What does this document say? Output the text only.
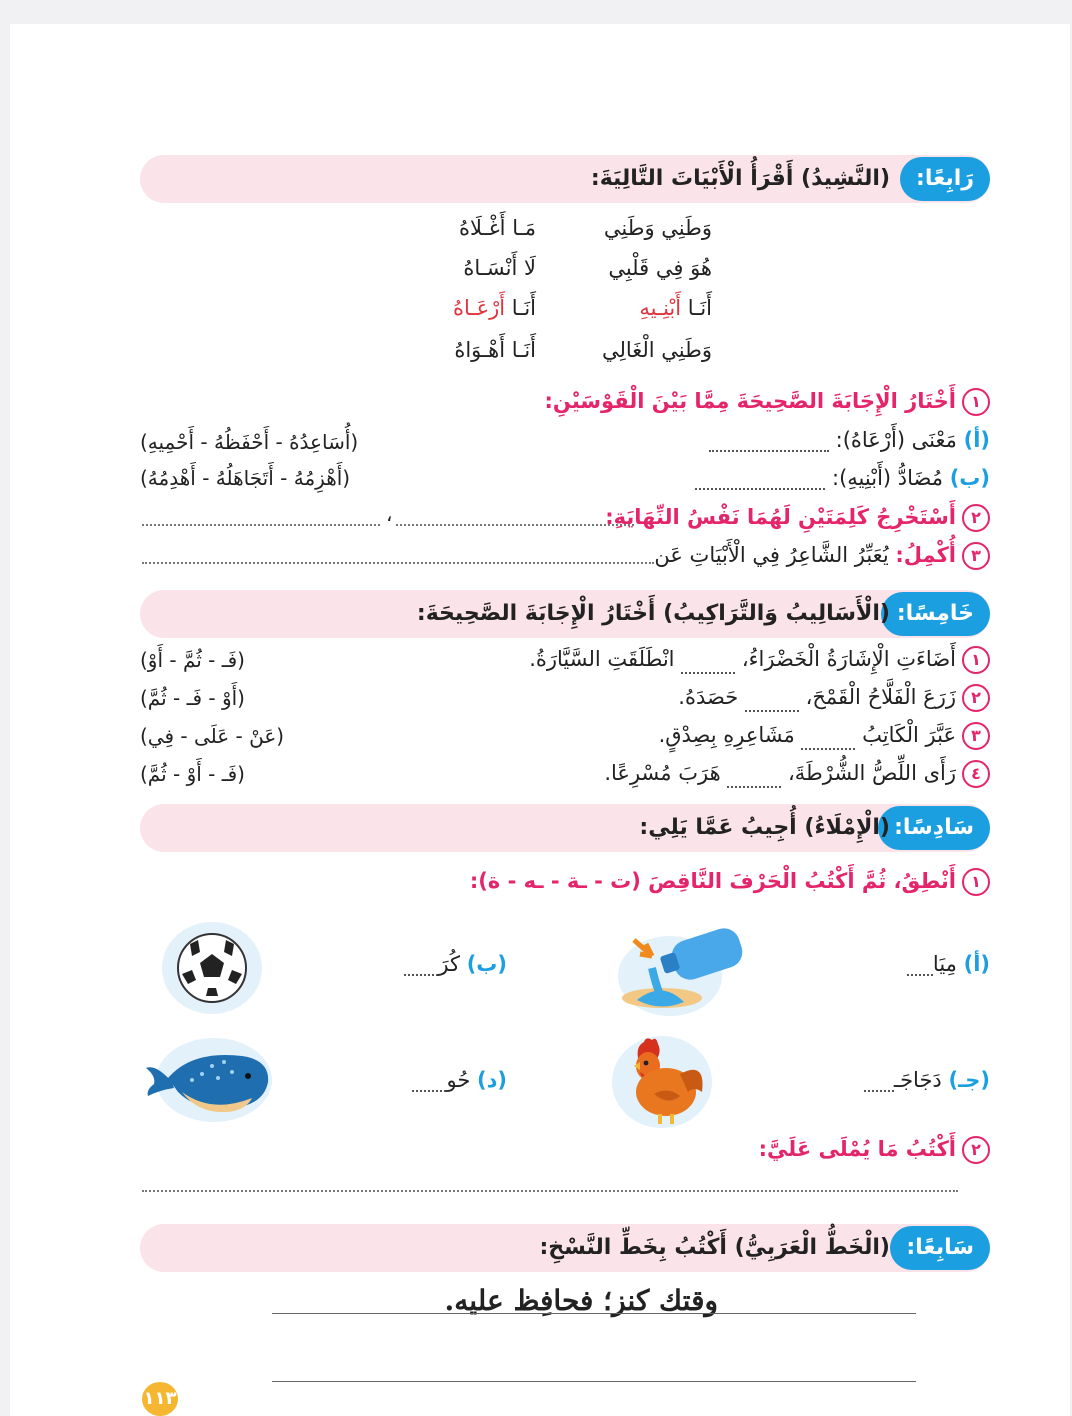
رَابِعًا:
(النَّشِيدُ) أَقْرَأُ الْأَبْيَاتَ التَّالِيَةَ:
وَطَنِي وَطَنِي
مَـا أَغْـلَاهُ
هُوَ فِي قَلْبِي
لَا أَنْسَـاهُ
أَنَـا أَبْنِـيهِ
أَنَـا أَرْعَـاهُ
وَطَنِي الْغَالِي
أَنَـا أَهْـوَاهُ
١أَخْتَارُ الْإِجَابَةَ الصَّحِيحَةَ مِمَّا بَيْنَ الْقَوْسَيْنِ:
(أ) مَعْنَى (أَرْعَاهُ):
(أُسَاعِدُهُ - أَحْفَظُهُ - أَحْمِيهِ)
(ب) مُضَادُّ (أَبْنِيهِ):
(أَهْزِمُهُ - أَتَجَاهَلُهُ - أَهْدِمُهُ)
٢أَسْتَخْرِجُ كَلِمَتَيْنِ لَهُمَا نَفْسُ النِّهَايَةِ:
،
٣أُكْمِلُ: يُعَبِّرُ الشَّاعِرُ فِي الْأَبْيَاتِ عَن
خَامِسًا:
(الْأَسَالِيبُ وَالتَّرَاكِيبُ) أَخْتَارُ الْإِجَابَةَ الصَّحِيحَةَ:
١أَضَاءَتِ الْإِشَارَةُ الْخَضْرَاءُ،  انْطَلَقَتِ السَّيَّارَةُ.
(فَـ - ثُمَّ - أَوْ)
٢زَرَعَ الْفَلَّاحُ الْقَمْحَ،  حَصَدَهُ.
(أَوْ - فَـ - ثُمَّ)
٣عَبَّرَ الْكَاتِبُ  مَشَاعِرِهِ بِصِدْقٍ.
(عَنْ - عَلَى - فِي)
٤رَأَى اللِّصُّ الشُّرْطَةَ،  هَرَبَ مُسْرِعًا.
(فَـ - أَوْ - ثُمَّ)
سَادِسًا:
(الْإِمْلَاءُ) أُجِيبُ عَمَّا يَلِي:
١أَنْطِقُ، ثُمَّ أَكْتُبُ الْحَرْفَ النَّاقِصَ (ت - ـة - ـه - ة):
(أ) مِيَا
(ب) كُرَ
(جـ) دَجَاجَـ
(د) حُو
٢أَكْتُبُ مَا يُمْلَى عَلَيَّ:
سَابِعًا:
(الْخَطُّ الْعَرَبِيُّ) أَكْتُبُ بِخَطِّ النَّسْخِ:
وقتك كنز؛ فحافِظ عليه.
١١٣
